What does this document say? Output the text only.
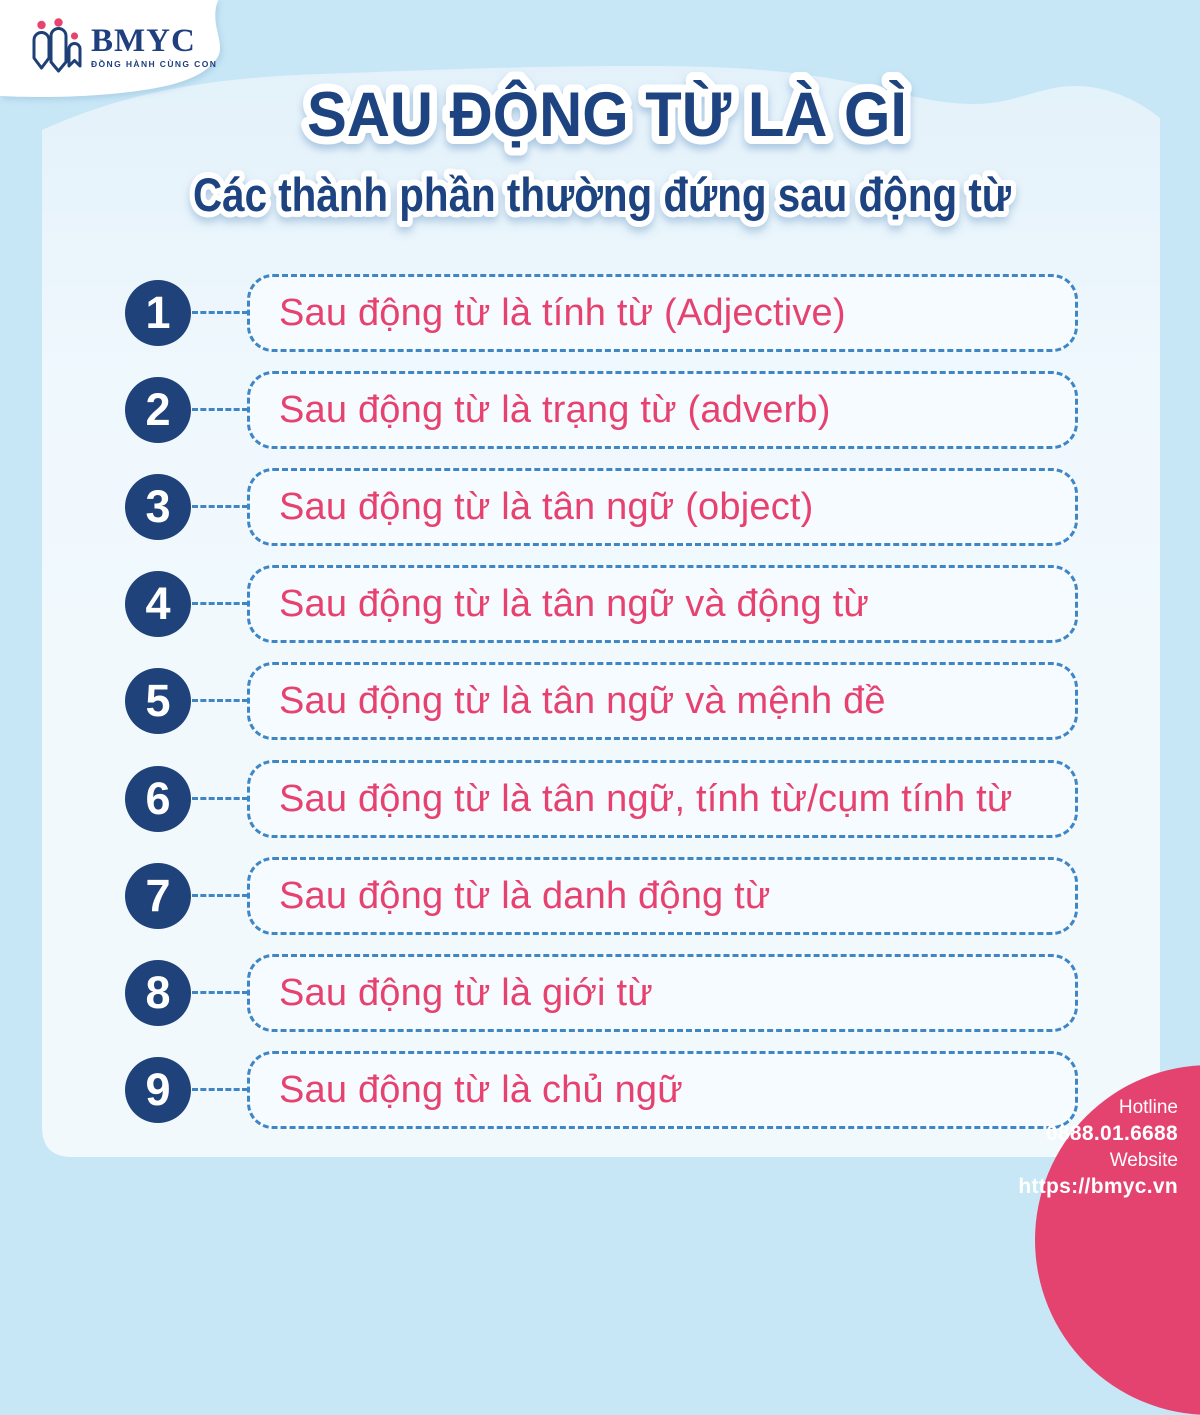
BMYC
ĐỒNG HÀNH CÙNG CON
SAU ĐỘNG TỪ LÀ GÌ
Các thành phần thường đứng sau động từ
1	Sau động từ là tính từ (Adjective)
2	Sau động từ là trạng từ (adverb)
3	Sau động từ là tân ngữ (object)
4	Sau động từ là tân ngữ và động từ
5	Sau động từ là tân ngữ và mệnh đề
6	Sau động từ là tân ngữ, tính từ/cụm tính từ
7	Sau động từ là danh động từ
8	Sau động từ là giới từ
9	Sau động từ là chủ ngữ	Hotline
0888.01.6688
Website
https://bmyc.vn
